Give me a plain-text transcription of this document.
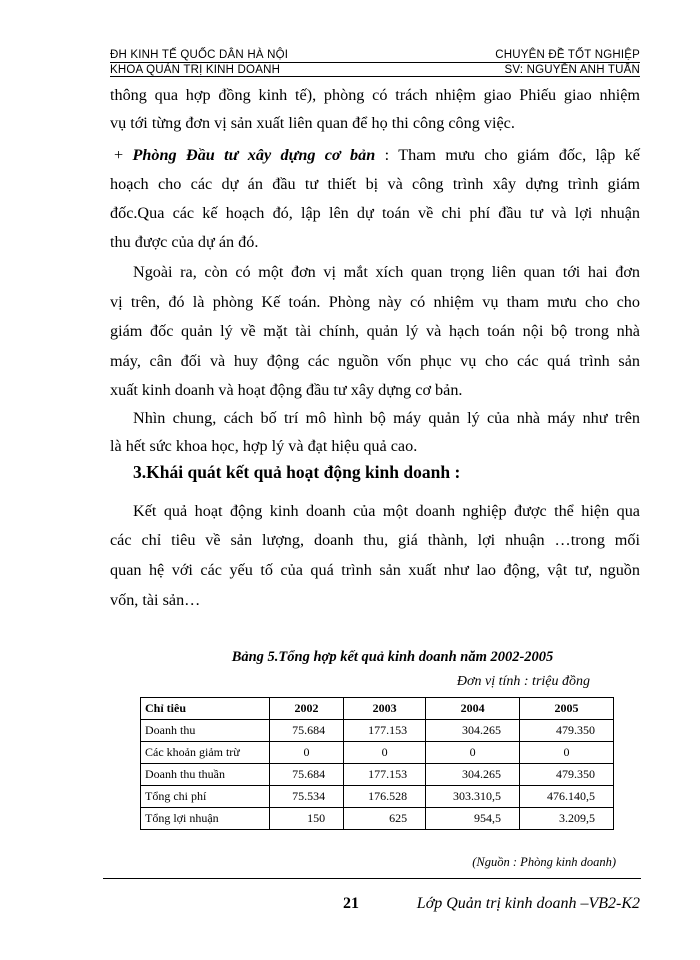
ĐH KINH TẾ QUỐC DÂN HÀ NỘI	CHUYÊN ĐỀ TỐT NGHIỆP
KHOA QUẢN TRỊ KINH DOANH	SV: NGUYỄN ANH TUẤN
thông qua hợp đồng kinh tế), phòng có trách nhiệm giao Phiếu giao nhiệm
vụ tới từng đơn vị sản xuất liên quan để họ thi công công việc.
+ Phòng Đầu tư xây dựng cơ bản : Tham mưu cho giám đốc, lập kế
hoạch cho các dự án đầu tư thiết bị và công trình xây dựng trình giám
đốc.Qua các kế hoạch đó, lập lên dự toán về chi phí đầu tư và lợi nhuận
thu được của dự án đó.
Ngoài ra, còn có một đơn vị mắt xích quan trọng liên quan tới hai đơn
vị trên, đó là phòng Kế toán. Phòng này có nhiệm vụ tham mưu cho cho
giám đốc quản lý về mặt tài chính, quản lý và hạch toán nội bộ trong nhà
máy, cân đối và huy động các nguồn vốn phục vụ cho các quá trình sản
xuất kinh doanh và hoạt động đầu tư xây dựng cơ bản.
Nhìn chung, cách bố trí mô hình bộ máy quản lý của nhà máy như trên
là hết sức khoa học, hợp lý và đạt hiệu quả cao.
3.Khái quát kết quả hoạt động kinh doanh :
Kết quả hoạt động kinh doanh của một doanh nghiệp được thể hiện qua
các chỉ tiêu về sản lượng, doanh thu, giá thành, lợi nhuận …trong mối
quan hệ với các yếu tố của quá trình sản xuất như lao động, vật tư, nguồn
vốn, tài sản…
Bảng 5.Tổng hợp kết quả kinh doanh năm 2002-2005
Đơn vị tính : triệu đồng
Chỉ tiêu	2002	2003	2004	2005
Doanh thu	75.684	177.153	304.265	479.350
Các khoản giảm trừ	0	0	0	0
Doanh thu thuần	75.684	177.153	304.265	479.350
Tổng chi phí	75.534	176.528	303.310,5	476.140,5
Tổng lợi nhuận	150	625	954,5	3.209,5
(Nguồn : Phòng kinh doanh)
21	Lớp Quản trị kinh doanh –VB2-K2
